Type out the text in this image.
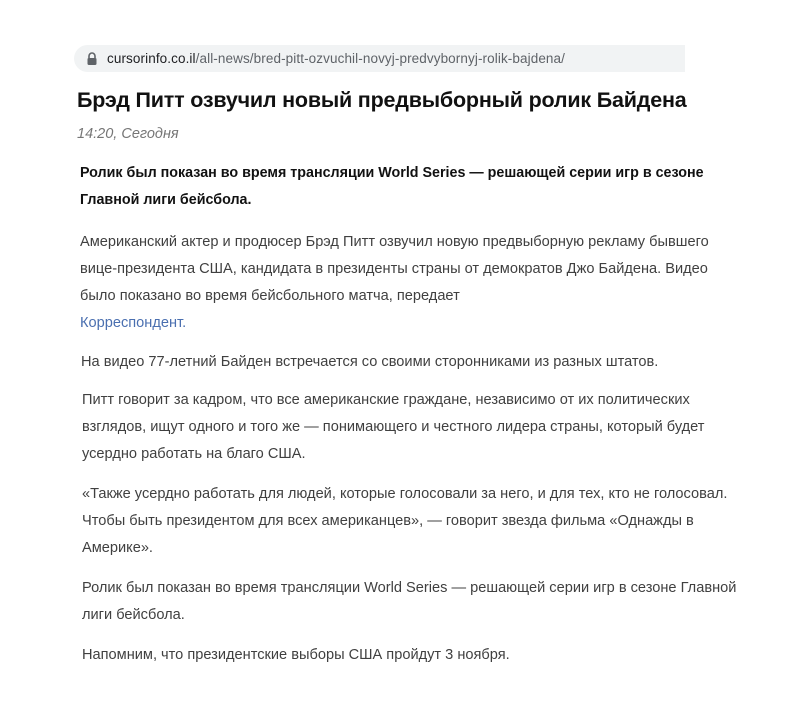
cursorinfo.co.il/all-news/bred-pitt-ozvuchil-novyj-predvybornyj-rolik-bajdena/
Брэд Питт озвучил новый предвыборный ролик Байдена
14:20, Сегодня

Ролик был показан во время трансляции World Series — решающей серии игр в сезоне Главной лиги бейсбола.

Американский актер и продюсер Брэд Питт озвучил новую предвыборную рекламу бывшего вице-президента США, кандидата в президенты страны от демократов Джо Байдена. Видео было показано во время бейсбольного матча, передает
Корреспондент.

На видео 77-летний Байден встречается со своими сторонниками из разных штатов.

Питт говорит за кадром, что все американские граждане, независимо от их политических взглядов, ищут одного и того же — понимающего и честного лидера страны, который будет усердно работать на благо США.

«Также усердно работать для людей, которые голосовали за него, и для тех, кто не голосовал. Чтобы быть президентом для всех американцев», — говорит звезда фильма «Однажды в Америке».

Ролик был показан во время трансляции World Series — решающей серии игр в сезоне Главной лиги бейсбола.

Напомним, что президентские выборы США пройдут 3 ноября.
